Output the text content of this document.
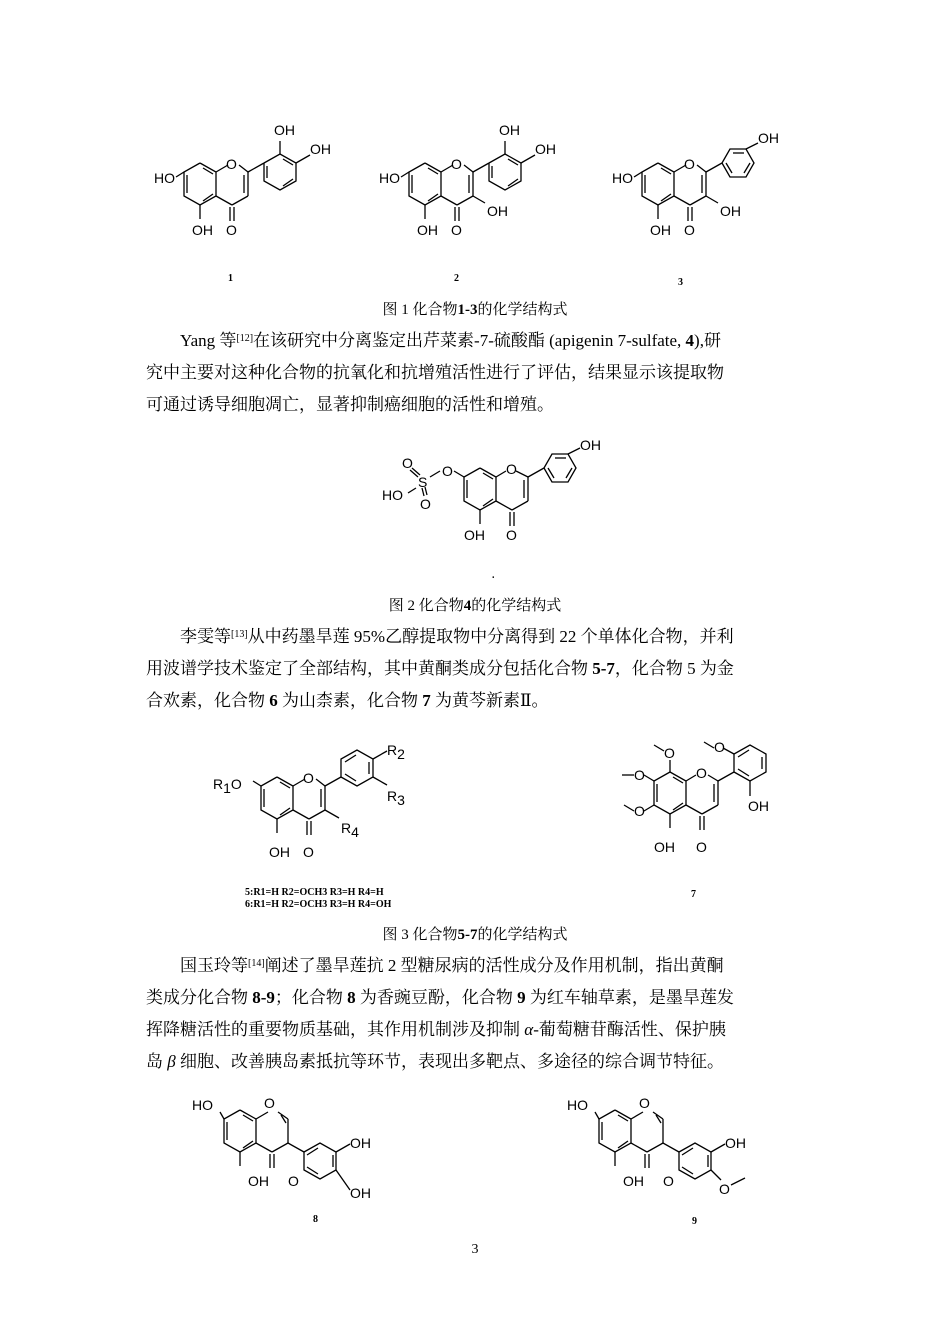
O
OH
OH
HO
OH O
1
O
OH
OH
HO
OH
OH O
2
O
OH
HO
OH
OH O
3
图 1 化合物1-3的化学结构式
Yang 等[12]在该研究中分离鉴定出芹菜素-7-硫酸酯 (apigenin 7-sulfate, 4),研
究中主要对这种化合物的抗氧化和抗增殖活性进行了评估，结果显示该提取物
可通过诱导细胞凋亡，显著抑制癌细胞的活性和增殖。
O
O
S
O
HO
O
OH
OH O
.
图 2 化合物4的化学结构式
李雯等[13]从中药墨旱莲 95%乙醇提取物中分离得到 22 个单体化合物，并利
用波谱学技术鉴定了全部结构，其中黄酮类成分包括化合物 5-7，化合物 5 为金
合欢素，化合物 6 为山柰素，化合物 7 为黄芩新素Ⅱ。
O
R1O
R2
R3
R4
OH O
5:R1=H R2=OCH3 R3=H R4=H
6:R1=H R2=OCH3 R3=H R4=OH
O
O
O
O
O	OH
OH O
7
图 3 化合物5-7的化学结构式
国玉玲等[14]阐述了墨旱莲抗 2 型糖尿病的活性成分及作用机制，指出黄酮
类成分化合物 8-9；化合物 8 为香豌豆酚，化合物 9 为红车轴草素，是墨旱莲发
挥降糖活性的重要物质基础，其作用机制涉及抑制 α-葡萄糖苷酶活性、保护胰
岛 β 细胞、改善胰岛素抵抗等环节，表现出多靶点、多途径的综合调节特征。
O
HO
OH
OH
OH O
8
O
HO
OH
O
OH O
9
3
